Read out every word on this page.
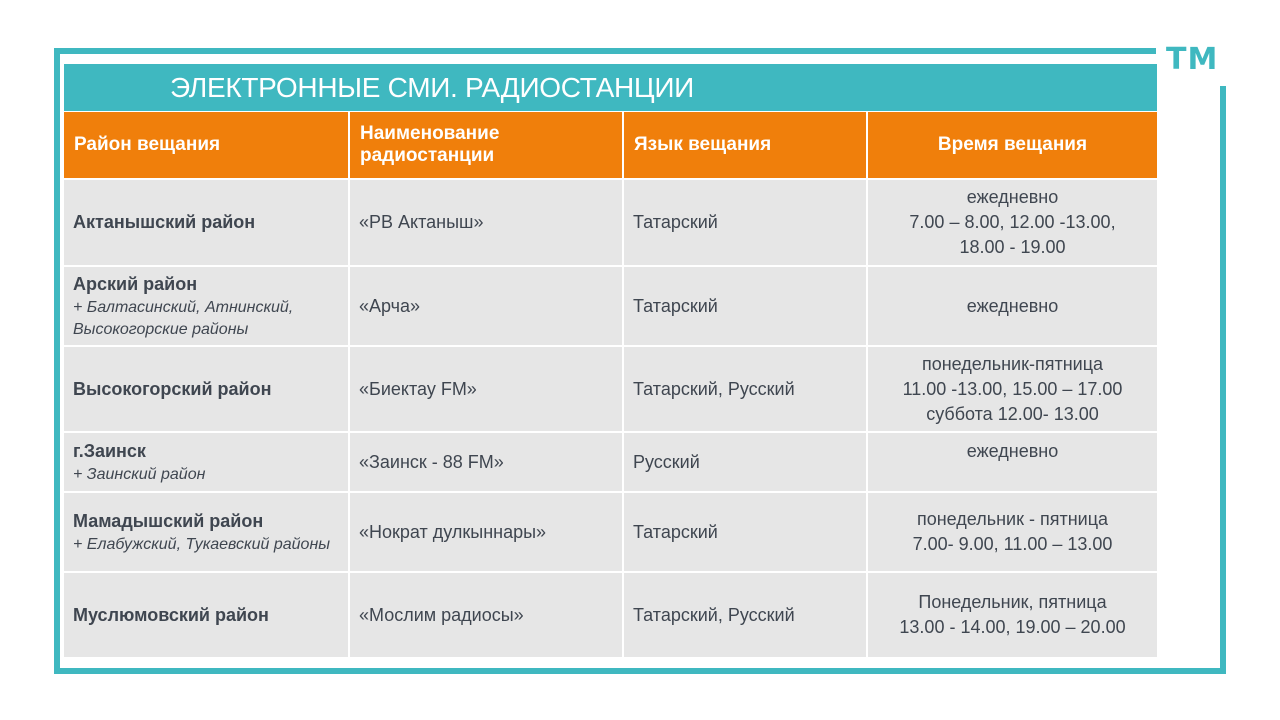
TM
ЭЛЕКТРОННЫЕ СМИ. РАДИОСТАНЦИИ
Район вещания	Наименование радиостанции	Язык вещания	Время вещания

Актанышский район	«РВ Актаныш»	Татарский	ежедневно
7.00 – 8.00, 12.00 -13.00,
18.00 - 19.00

Арский район
+ Балтасинский, Атнинский, Высокогорские районы	«Арча»	Татарский	ежедневно

Высокогорский район	«Биектау FM»	Татарский, Русский	понедельник-пятница
11.00 -13.00, 15.00 – 17.00
суббота 12.00- 13.00

г.Заинск
+ Заинский район	«Заинск - 88 FM»	Русский	ежедневно

Мамадышский район
+ Елабужский, Тукаевский районы	«Нократ дулкыннары»	Татарский	понедельник - пятница
7.00- 9.00, 11.00 – 13.00

Муслюмовский район	«Мослим радиосы»	Татарский, Русский	Понедельник, пятница
13.00 - 14.00, 19.00 – 20.00
